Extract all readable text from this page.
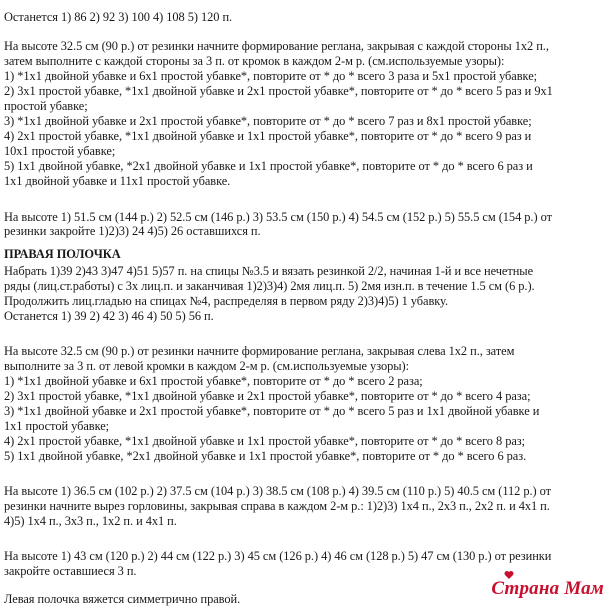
Останется 1) 86 2) 92 3) 100 4) 108 5) 120 п.
На высоте 32.5 см (90 р.) от резинки начните формирование реглана, закрывая с каждой стороны 1х2 п.,
затем выполните с каждой стороны за 3 п. от кромок в каждом 2-м р. (см.используемые узоры):
1) *1х1 двойной убавке и 6х1 простой убавке*, повторите от * до * всего 3 раза и 5х1 простой убавке;
2) 3х1 простой убавке, *1х1 двойной убавке и 2х1 простой убавке*, повторите от * до * всего 5 раз и 9х1
простой убавке;
3) *1х1 двойной убавке и 2х1 простой убавке*, повторите от * до * всего 7 раз и 8х1 простой убавке;
4) 2х1 простой убавке, *1х1 двойной убавке и 1х1 простой убавке*, повторите от * до * всего 9 раз и
10х1 простой убавке;
5) 1х1 двойной убавке, *2х1 двойной убавке и 1х1 простой убавке*, повторите от * до * всего 6 раз и
1х1 двойной убавке и 11х1 простой убавке.
На высоте 1) 51.5 см (144 р.) 2) 52.5 см (146 р.) 3) 53.5 см (150 р.) 4) 54.5 см (152 р.) 5) 55.5 см (154 р.) от
резинки закройте 1)2)3) 24 4)5) 26 оставшихся п.
ПРАВАЯ ПОЛОЧКА
Набрать 1)39 2)43 3)47 4)51 5)57 п. на спицы №3.5 и вязать резинкой 2/2, начиная 1-й и все нечетные
ряды (лиц.ст.работы) с 3х лиц.п. и заканчивая 1)2)3)4) 2мя лиц.п. 5) 2мя изн.п. в течение 1.5 см (6 р.).
Продолжить лиц.гладью на спицах №4, распределяя в первом ряду 2)3)4)5) 1 убавку.
Останется 1) 39 2) 42 3) 46 4) 50 5) 56 п.
На высоте 32.5 см (90 р.) от резинки начните формирование реглана, закрывая слева 1х2 п., затем
выполните за 3 п. от левой кромки в каждом 2-м р. (см.используемые узоры):
1) *1х1 двойной убавке и 6х1 простой убавке*, повторите от * до * всего 2 раза;
2) 3х1 простой убавке, *1х1 двойной убавке и 2х1 простой убавке*, повторите от * до * всего 4 раза;
3) *1х1 двойной убавке и 2х1 простой убавке*, повторите от * до * всего 5 раз и 1х1 двойной убавке и
1х1 простой убавке;
4) 2х1 простой убавке, *1х1 двойной убавке и 1х1 простой убавке*, повторите от * до * всего 8 раз;
5) 1х1 двойной убавке, *2х1 двойной убавке и 1х1 простой убавке*, повторите от * до * всего 6 раз.
На высоте 1) 36.5 см (102 р.) 2) 37.5 см (104 р.) 3) 38.5 см (108 р.) 4) 39.5 см (110 р.) 5) 40.5 см (112 р.) от
резинки начните вырез горловины, закрывая справа в каждом 2-м р.: 1)2)3) 1х4 п., 2х3 п., 2х2 п. и 4х1 п.
4)5) 1х4 п., 3х3 п., 1х2 п. и 4х1 п.
На высоте 1) 43 см (120 р.) 2) 44 см (122 р.) 3) 45 см (126 р.) 4) 46 см (128 р.) 5) 47 см (130 р.) от резинки
закройте оставшиеся 3 п.
Левая полочка вяжется симметрично правой.	Страна Мам
